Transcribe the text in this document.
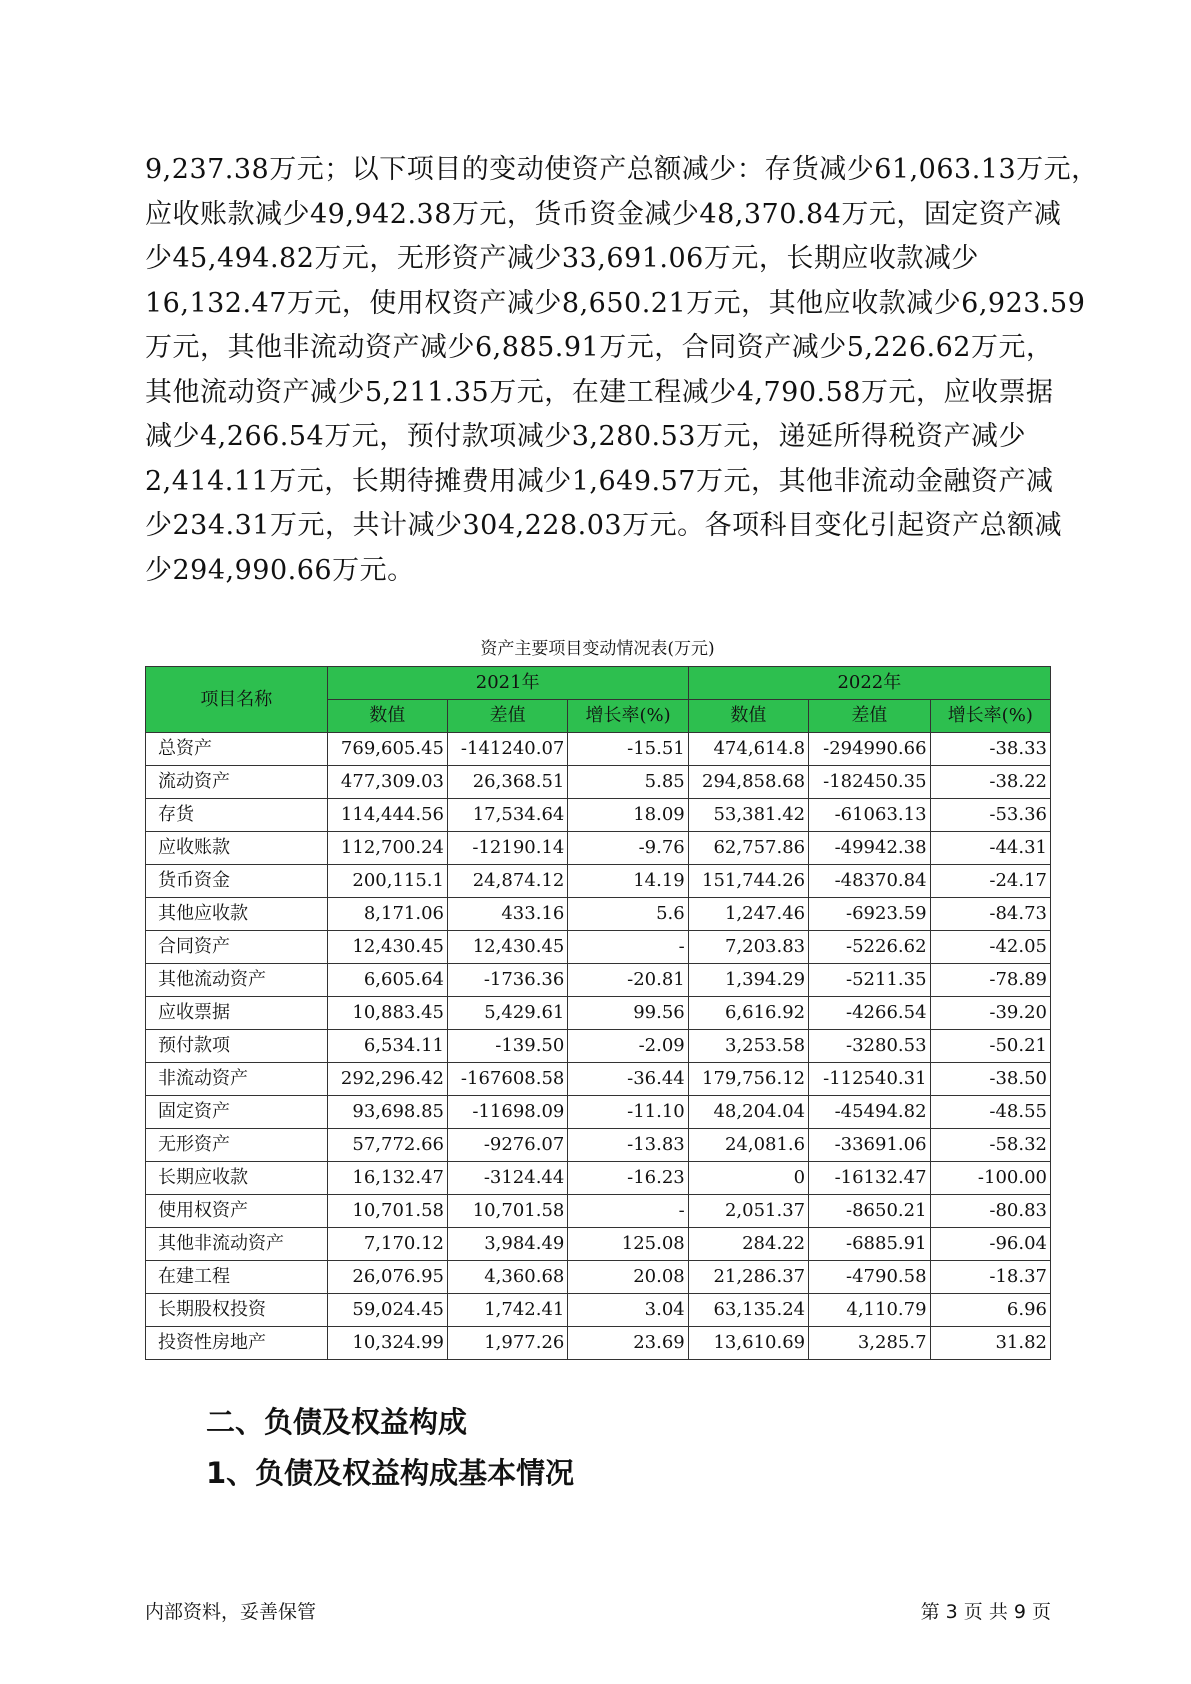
9,237.38万元；以下项目的变动使资产总额减少：存货减少61,063.13万元，
应收账款减少49,942.38万元，货币资金减少48,370.84万元，固定资产减
少45,494.82万元，无形资产减少33,691.06万元，长期应收款减少
16,132.47万元，使用权资产减少8,650.21万元，其他应收款减少6,923.59
万元，其他非流动资产减少6,885.91万元，合同资产减少5,226.62万元，
其他流动资产减少5,211.35万元，在建工程减少4,790.58万元，应收票据
减少4,266.54万元，预付款项减少3,280.53万元，递延所得税资产减少
2,414.11万元，长期待摊费用减少1,649.57万元，其他非流动金融资产减
少234.31万元，共计减少304,228.03万元。各项科目变化引起资产总额减
少294,990.66万元。
资产主要项目变动情况表(万元)
项目名称	2021年			2022年		
	数值	差值	增长率(%)	数值	差值	增长率(%)
总资产	769,605.45	-141240.07	-15.51	474,614.8	-294990.66	-38.33
流动资产	477,309.03	26,368.51	5.85	294,858.68	-182450.35	-38.22
存货	114,444.56	17,534.64	18.09	53,381.42	-61063.13	-53.36
应收账款	112,700.24	-12190.14	-9.76	62,757.86	-49942.38	-44.31
货币资金	200,115.1	24,874.12	14.19	151,744.26	-48370.84	-24.17
其他应收款	8,171.06	433.16	5.6	1,247.46	-6923.59	-84.73
合同资产	12,430.45	12,430.45	-	7,203.83	-5226.62	-42.05
其他流动资产	6,605.64	-1736.36	-20.81	1,394.29	-5211.35	-78.89
应收票据	10,883.45	5,429.61	99.56	6,616.92	-4266.54	-39.20
预付款项	6,534.11	-139.50	-2.09	3,253.58	-3280.53	-50.21
非流动资产	292,296.42	-167608.58	-36.44	179,756.12	-112540.31	-38.50
固定资产	93,698.85	-11698.09	-11.10	48,204.04	-45494.82	-48.55
无形资产	57,772.66	-9276.07	-13.83	24,081.6	-33691.06	-58.32
长期应收款	16,132.47	-3124.44	-16.23	0	-16132.47	-100.00
使用权资产	10,701.58	10,701.58	-	2,051.37	-8650.21	-80.83
其他非流动资产	7,170.12	3,984.49	125.08	284.22	-6885.91	-96.04
在建工程	26,076.95	4,360.68	20.08	21,286.37	-4790.58	-18.37
长期股权投资	59,024.45	1,742.41	3.04	63,135.24	4,110.79	6.96
投资性房地产	10,324.99	1,977.26	23.69	13,610.69	3,285.7	31.82
二、负债及权益构成
1、负债及权益构成基本情况
内部资料，妥善保管	第 3 页 共 9 页
